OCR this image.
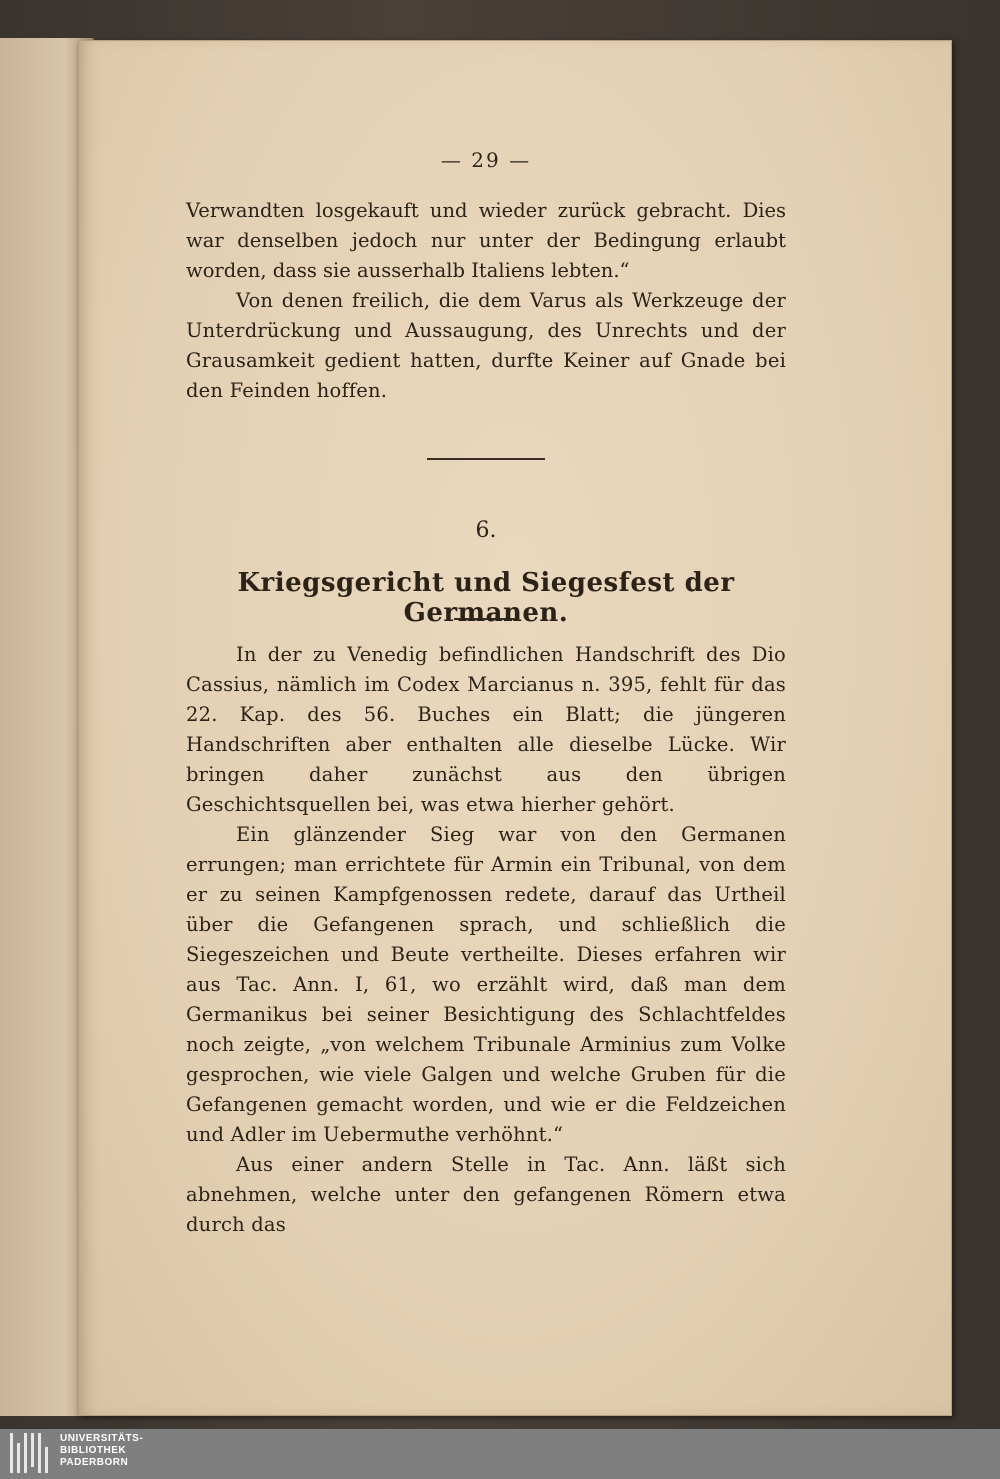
— 29 —

Verwandten losgekauft und wieder zurück gebracht. Dies war denselben jedoch nur unter der Bedingung erlaubt worden, dass sie ausserhalb Italiens lebten.“

Von denen freilich, die dem Varus als Werkzeuge der Unterdrückung und Aussaugung, des Unrechts und der Grausamkeit gedient hatten, durfte Keiner auf Gnade bei den Feinden hoffen.

6.
Kriegsgericht und Siegesfest der Germanen.

In der zu Venedig befindlichen Handschrift des Dio Cassius, nämlich im Codex Marcianus n. 395, fehlt für das 22. Kap. des 56. Buches ein Blatt; die jüngeren Handschriften aber enthalten alle dieselbe Lücke. Wir bringen daher zunächst aus den übrigen Geschichtsquellen bei, was etwa hierher gehört.

Ein glänzender Sieg war von den Germanen errungen; man errichtete für Armin ein Tribunal, von dem er zu seinen Kampfgenossen redete, darauf das Urtheil über die Gefangenen sprach, und schließlich die Siegeszeichen und Beute vertheilte. Dieses erfahren wir aus Tac. Ann. I, 61, wo erzählt wird, daß man dem Germanikus bei seiner Besichtigung des Schlachtfeldes noch zeigte, „von welchem Tribunale Arminius zum Volke gesprochen, wie viele Galgen und welche Gruben für die Gefangenen gemacht worden, und wie er die Feldzeichen und Adler im Uebermuthe verhöhnt.“

Aus einer andern Stelle in Tac. Ann. läßt sich abnehmen, welche unter den gefangenen Römern etwa durch das

UNIVERSITÄTS-
BIBLIOTHEK
PADERBORN
